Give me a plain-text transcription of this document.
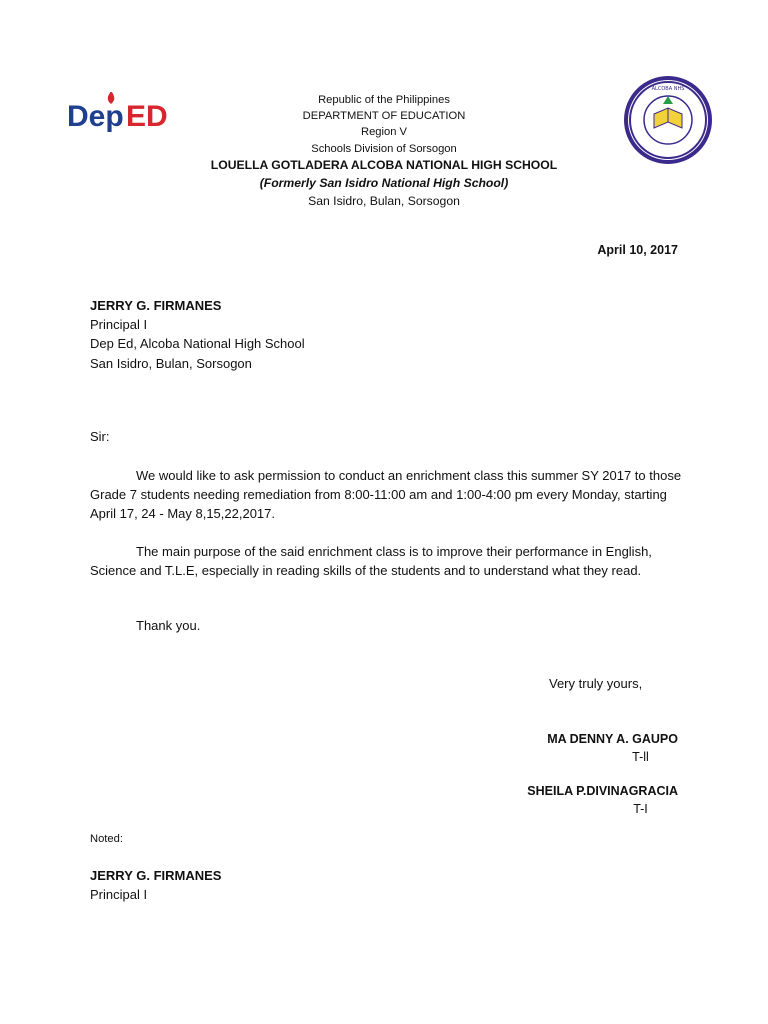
Dep ED
ALCOBA NHS
Republic of the Philippines
DEPARTMENT OF EDUCATION
Region V
Schools Division of Sorsogon
LOUELLA GOTLADERA ALCOBA NATIONAL HIGH SCHOOL
(Formerly San Isidro National High School)
San Isidro, Bulan, Sorsogon
April 10, 2017
JERRY G. FIRMANES
Principal I
Dep Ed, Alcoba National High School
San Isidro, Bulan, Sorsogon
Sir:
We would like to ask permission to conduct an enrichment class this summer SY 2017 to those Grade 7 students needing remediation from 8:00-11:00 am and 1:00-4:00 pm every Monday, starting April 17, 24 - May 8,15,22,2017.
The main purpose of the said enrichment class is to improve their performance in English, Science and T.L.E, especially in reading skills of the students and to understand what they read.
Thank you.
Very truly yours,
MA DENNY A. GAUPO
T-ll
SHEILA P.DIVINAGRACIA
T-I
Noted:
JERRY G. FIRMANES
Principal I
